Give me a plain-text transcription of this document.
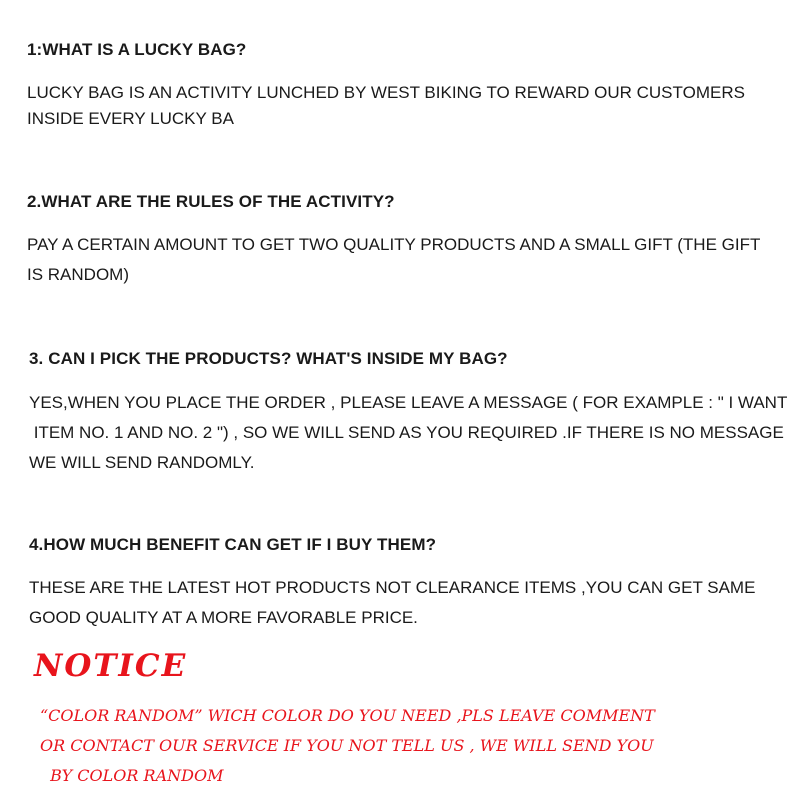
1:WHAT IS A LUCKY BAG?

LUCKY BAG IS AN ACTIVITY LUNCHED BY WEST BIKING TO REWARD OUR CUSTOMERS
INSIDE EVERY LUCKY BA

2.WHAT ARE THE RULES OF THE ACTIVITY?

PAY A CERTAIN AMOUNT TO GET TWO QUALITY PRODUCTS AND A SMALL GIFT (THE GIFT
IS RANDOM)

3. CAN I PICK THE PRODUCTS? WHAT'S INSIDE MY BAG?

YES,WHEN YOU PLACE THE ORDER , PLEASE LEAVE A MESSAGE ( FOR EXAMPLE : " I WANT
ITEM NO. 1 AND NO. 2 ") , SO WE WILL SEND AS YOU REQUIRED .IF THERE IS NO MESSAGE
WE WILL SEND RANDOMLY.

4.HOW MUCH BENEFIT CAN GET IF I BUY THEM?

THESE ARE THE LATEST HOT PRODUCTS NOT CLEARANCE ITEMS ,YOU CAN GET SAME
GOOD QUALITY AT A MORE FAVORABLE PRICE.

NOTICE

“COLOR RANDOM” WICH COLOR DO YOU NEED ,PLS LEAVE COMMENT
OR CONTACT OUR SERVICE IF YOU NOT TELL US , WE WILL SEND YOU
BY COLOR RANDOM
